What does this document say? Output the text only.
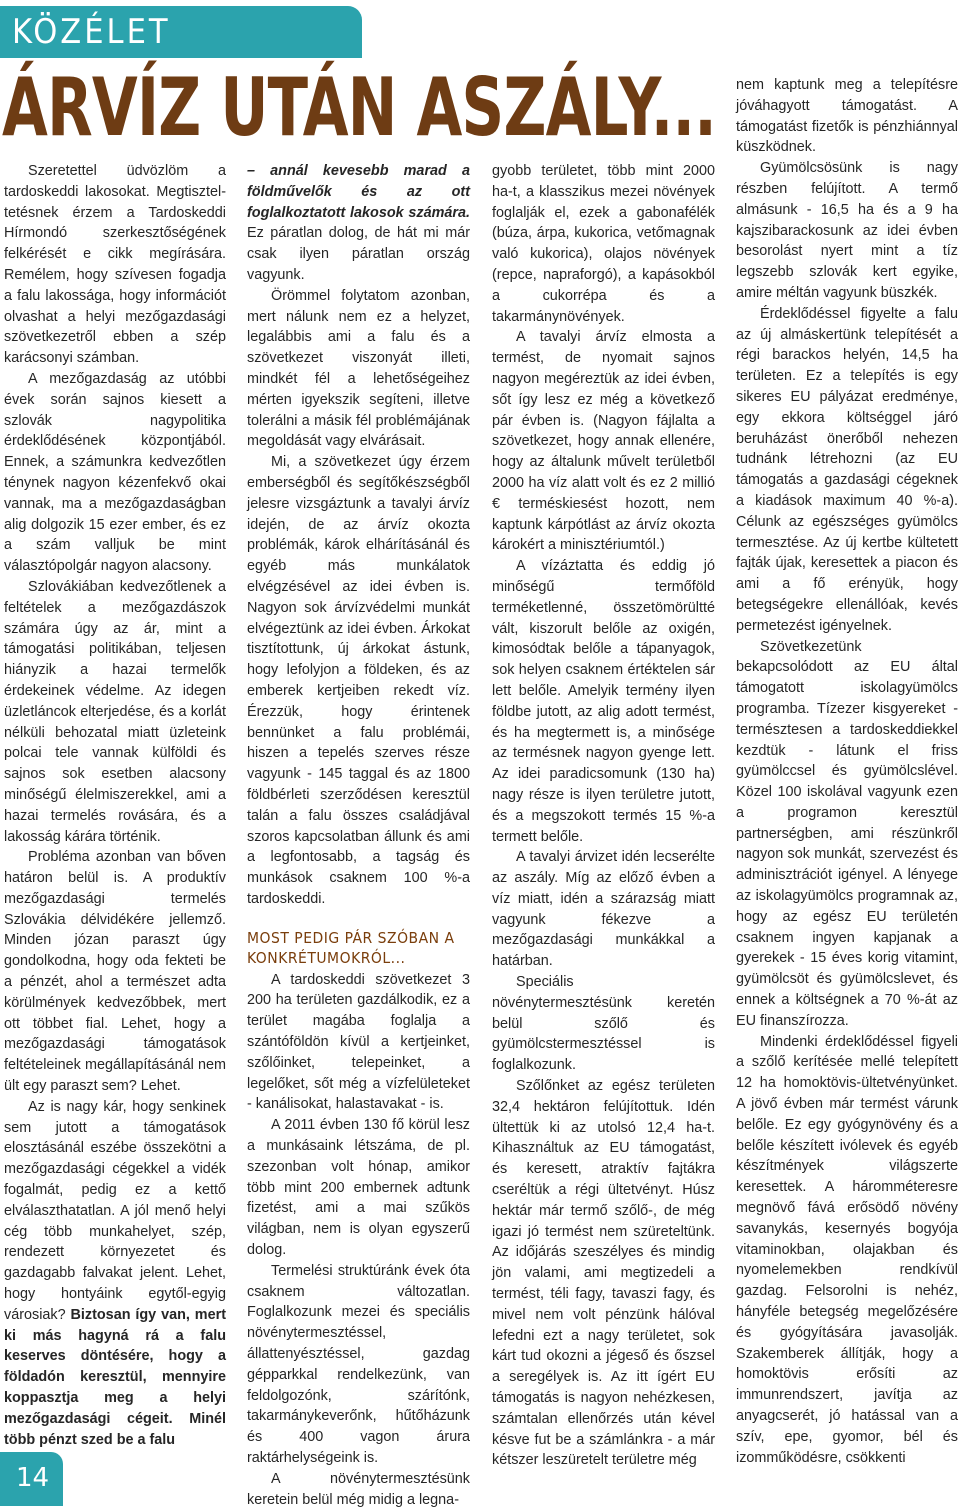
KÖZÉLET
ÁRVÍZ UTÁN ASZÁLY...

Szeretettel üdvözlöm a tardoskeddi lakosokat. Megtiszteltetésnek érzem a Tardoskeddi Hírmondó szerkesztőségének felkérését e cikk megírására. Remélem, hogy szívesen fogadja a falu lakossága, hogy információt olvashat a helyi mezőgazdasági szövetkezetről ebben a szép karácsonyi számban.

A mezőgazdaság az utóbbi évek során sajnos kiesett a szlovák nagypolitika érdeklődésének központjából. Ennek, a számunkra kedvezőtlen ténynek nagyon kézenfekvő okai vannak, ma a mezőgazdaságban alig dolgozik 15 ezer ember, és ez a szám valljuk be mint választópolgár nagyon alacsony.

Szlovákiában kedvezőtlenek a feltételek a mezőgazdászok számára úgy az ár, mint a támogatási politikában, teljesen hiányzik a hazai termelők érdekeinek védelme. Az idegen üzletláncok elterjedése, és a korlát nélküli behozatal miatt üzleteink polcai tele vannak külföldi és sajnos sok esetben alacsony minőségű élelmiszerekkel, ami a hazai termelés rovására, és a lakosság kárára történik.

Probléma azonban van bőven határon belül is. A produktív mezőgazdasági termelés Szlovákia délvidékére jellemző. Minden józan paraszt úgy gondolkodna, hogy oda fekteti be a pénzét, ahol a természet adta körülmények kedvezőbbek, mert ott többet fial. Lehet, hogy a mezőgazdasági támogatások feltételeinek megállapításánál nem ült egy paraszt sem? Lehet.

Az is nagy kár, hogy senkinek sem jutott a támogatások elosztásánál eszébe összekötni a mezőgazdasági cégekkel a vidék fogalmát, pedig ez a kettő elválaszthatatlan. A jól menő helyi cég több munkahelyet, szép, rendezett környezetet és gazdagabb falvakat jelent. Lehet, hogy hontyáink egytől-egyig városiak? Biztosan így van, mert ki más hagyná rá a falu keserves döntésére, hogy a földadón keresztül, mennyire koppasztja meg a helyi mezőgazdasági cégeit. Minél több pénzt szed be a falu

– annál kevesebb marad a földművelők és az ott foglalkoztatott lakosok számára. Ez páratlan dolog, de hát mi már csak ilyen páratlan ország vagyunk.

Örömmel folytatom azonban, mert nálunk nem ez a helyzet, legalábbis ami a falu és a szövetkezet viszonyát illeti, mindkét fél a lehetőségeihez mérten igyekszik segíteni, illetve tolerálni a másik fél problémájának megoldását vagy elvárásait.

Mi, a szövetkezet úgy érzem emberségből és segítőkészségből jelesre vizsgáztunk a tavalyi árvíz idején, de az árvíz okozta problémák, károk elhárításánál és egyéb más munkálatok elvégzésével az idei évben is. Nagyon sok árvízvédelmi munkát elvégeztünk az idei évben. Árkokat tisztítottunk, új árkokat ástunk, hogy lefolyjon a földeken, és az emberek kertjeiben rekedt víz. Érezzük, hogy érintenek bennünket a falu problémái, hiszen a tepelés szerves része vagyunk - 145 taggal és az 1800 földbérleti szerződésen keresztül talán a falu összes családjával szoros kapcsolatban állunk és ami a legfontosabb, a tagság és munkások csaknem 100 %-a tardoskeddi.

MOST PEDIG PÁR SZÓBAN A KONKRÉTUMOKRÓL...

A tardoskeddi szövetkezet 3 200 ha területen gazdálkodik, ez a terület magába foglalja a szántóföldön kívül a kertjeinket, szőlőinket, telepeinket, a legelőket, sőt még a vízfelületeket - kanálisokat, halastavakat - is.

A 2011 évben 130 fő körül lesz a munkásaink létszáma, de pl. szezonban volt hónap, amikor több mint 200 embernek adtunk fizetést, ami a mai szűkös világban, nem is olyan egyszerű dolog.

Termelési struktúránk évek óta csaknem változatlan. Foglalkozunk mezei és speciális növénytermesztéssel, állattenyésztéssel, gazdag gépparkkal rendelkezünk, van feldolgozónk, szárítónk, takarmánykeverőnk, hűtőházunk és 400 vagon árura raktárhelységeink is.

A növénytermesztésünk keretein belül még midig a legna-

gyobb területet, több mint 2000 ha-t, a klasszikus mezei növények foglalják el, ezek a gabonafélék (búza, árpa, kukorica, vetőmagnak való kukorica), olajos növények (repce, napraforgó), a kapásokból a cukorrépa és a takarmánynövények.

A tavalyi árvíz elmosta a termést, de nyomait sajnos nagyon megéreztük az idei évben, sőt így lesz ez még a következő pár évben is. (Nagyon fájlalta a szövetkezet, hogy annak ellenére, hogy az általunk művelt területből 2000 ha víz alatt volt és ez 2 millió € terméskiesést hozott, nem kaptunk kárpótlást az árvíz okozta károkért a minisztériumtól.)

A vízáztatta és eddig jó minőségű termőföld terméketlenné, összetömörültté vált, kiszorult belőle az oxigén, kimosódtak belőle a tápanyagok, sok helyen csaknem értéktelen sár lett belőle. Amelyik termény ilyen földbe jutott, az alig adott termést, és ha megtermett is, a minősége az termésnek nagyon gyenge lett. Az idei paradicsomunk (130 ha) nagy része is ilyen területre jutott, és a megszokott termés 15 %-a termett belőle.

A tavalyi árvizet idén lecserélte az aszály. Míg az előző évben a víz miatt, idén a szárazság miatt vagyunk fékezve a mezőgazdasági munkákkal a határban.

Speciális növénytermesztésünk keretén belül szőlő és gyümölcstermesztéssel is foglalkozunk.

Szőlőnket az egész területen 32,4 hektáron felújítottuk. Idén ültettük ki az utolsó 12,4 ha-t. Kihasználtuk az EU támogatást, és keresett, atraktív fajtákra cseréltük a régi ültetvényt. Húsz hektár már termő szőlő-, de még igazi jó termést nem szüreteltünk. Az időjárás szeszélyes és mindig jön valami, ami megtizedeli a termést, téli fagy, tavaszi fagy, és mivel nem volt pénzünk hálóval lefedni ezt a nagy területet, sok kárt tud okozni a jégeső és őszsel a seregélyek is. Az itt ígért EU támogatás is nagyon nehézkesen, számtalan ellenőrzés után kével késve fut be a számlánkra - a már kétszer leszüretelt területre még

nem kaptunk meg a telepítésre jóváhagyott támogatást. A támogatást fizetők is pénzhiánnyal küszködnek.

Gyümölcsösünk is nagy részben felújított. A termő almásunk - 16,5 ha és a 9 ha kajszibarackosunk az idei évben besorolást nyert mint a tíz legszebb szlovák kert egyike, amire méltán vagyunk büszkék.

Érdeklődéssel figyelte a falu az új almáskertünk telepítését a régi barackos helyén, 14,5 ha területen. Ez a telepítés is egy sikeres EU pályázat eredménye, egy ekkora költséggel járó beruházást önerőből nehezen tudnánk létrehozni (az EU támogatás a gazdasági cégeknek a kiadások maximum 40 %-a). Célunk az egészséges gyümölcs termesztése. Az új kertbe kültetett fajták újak, keresettek a piacon és ami a fő erényük, hogy betegségekre ellenállóak, kevés permetezést igényelnek.

Szövetkezetünk bekapcsolódott az EU által támogatott iskolagyümölcs programba. Tízezer kisgyereket - természtesen a tardoskeddiekkel kezdtük - látunk el friss gyümölccsel és gyümölcslével. Közel 100 iskolával vagyunk ezen a programon keresztül partnerségben, ami részünkről nagyon sok munkát, szervezést és adminisztrációt igényel. A lényege az iskolagyümölcs programnak az, hogy az egész EU területén csaknem ingyen kapjanak a gyerekek - 15 éves korig vitamint, gyümölcsöt és gyümölcslevet, és ennek a költségnek a 70 %-át az EU finanszírozza.

Mindenki érdeklődéssel figyeli a szőlő kerítésée mellé telepített 12 ha homoktövis-ültetvényünket. A jövő évben már termést várunk belőle. Ez egy gyógynövény és a belőle készített ivólevek és egyéb készítmények világszerte keresettek. A háromméteresre megnövő fává erősödő növény savanykás, kesernyés bogyója vitaminokban, olajakban és nyomelemekben rendkívül gazdag. Felsorolni is nehéz, hányféle betegség megelőzésére és gyógyítására javasolják. Szakemberek állítják, hogy a homoktövis erősíti az immunrendszert, javítja az anyagcserét, jó hatással van a szív, epe, gyomor, bél és izomműködésre, csökkenti

14
